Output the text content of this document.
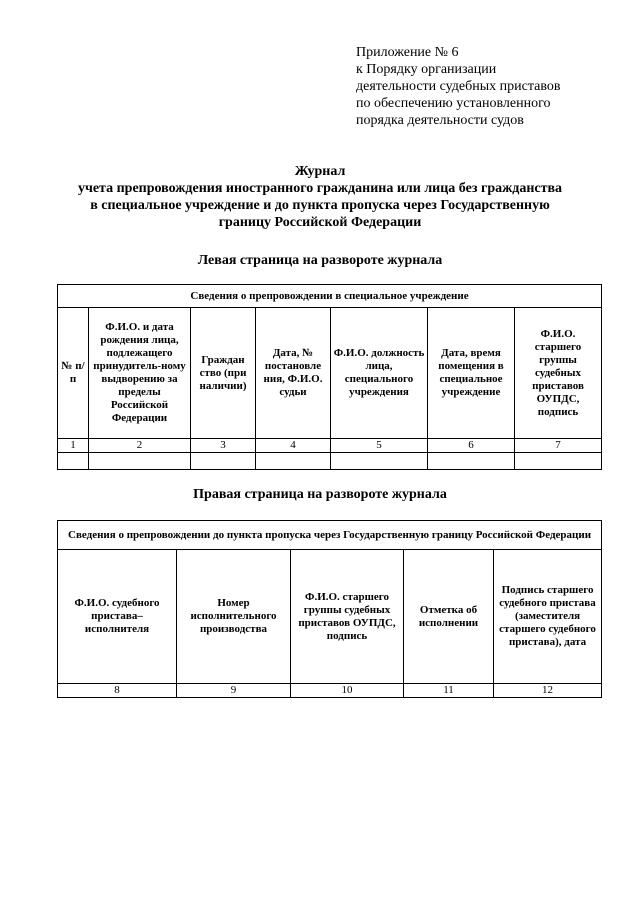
Приложение № 6
к Порядку организации
деятельности судебных приставов
по обеспечению установленного
порядка деятельности судов
Журнал
учета препровождения иностранного гражданина или лица без гражданства
в специальное учреждение и до пункта пропуска через Государственную
границу Российской Федерации
Левая страница на развороте журнала
Сведения о препровождении в специальное учреждение						
№ п/п	Ф.И.О. и дата рождения лица, подлежащего принудитель-ному выдворению за пределы Российской Федерации	Граждан ство (при наличии)	Дата, № постановле ния, Ф.И.О. судьи	Ф.И.О. должность лица, специального учреждения	Дата, время помещения в специальное учреждение	Ф.И.О. старшего группы судебных приставов ОУПДС, подпись
1	2	3	4	5	6	7

Правая страница на развороте журнала
Сведения о препровождении до пункта пропуска через Государственную границу Российской Федерации				
Ф.И.О. судебного пристава– исполнителя	Номер исполнительного производства	Ф.И.О. старшего группы судебных приставов ОУПДС, подпись	Отметка об исполнении	Подпись старшего судебного пристава (заместителя старшего судебного пристава), дата
8	9	10	11	12
